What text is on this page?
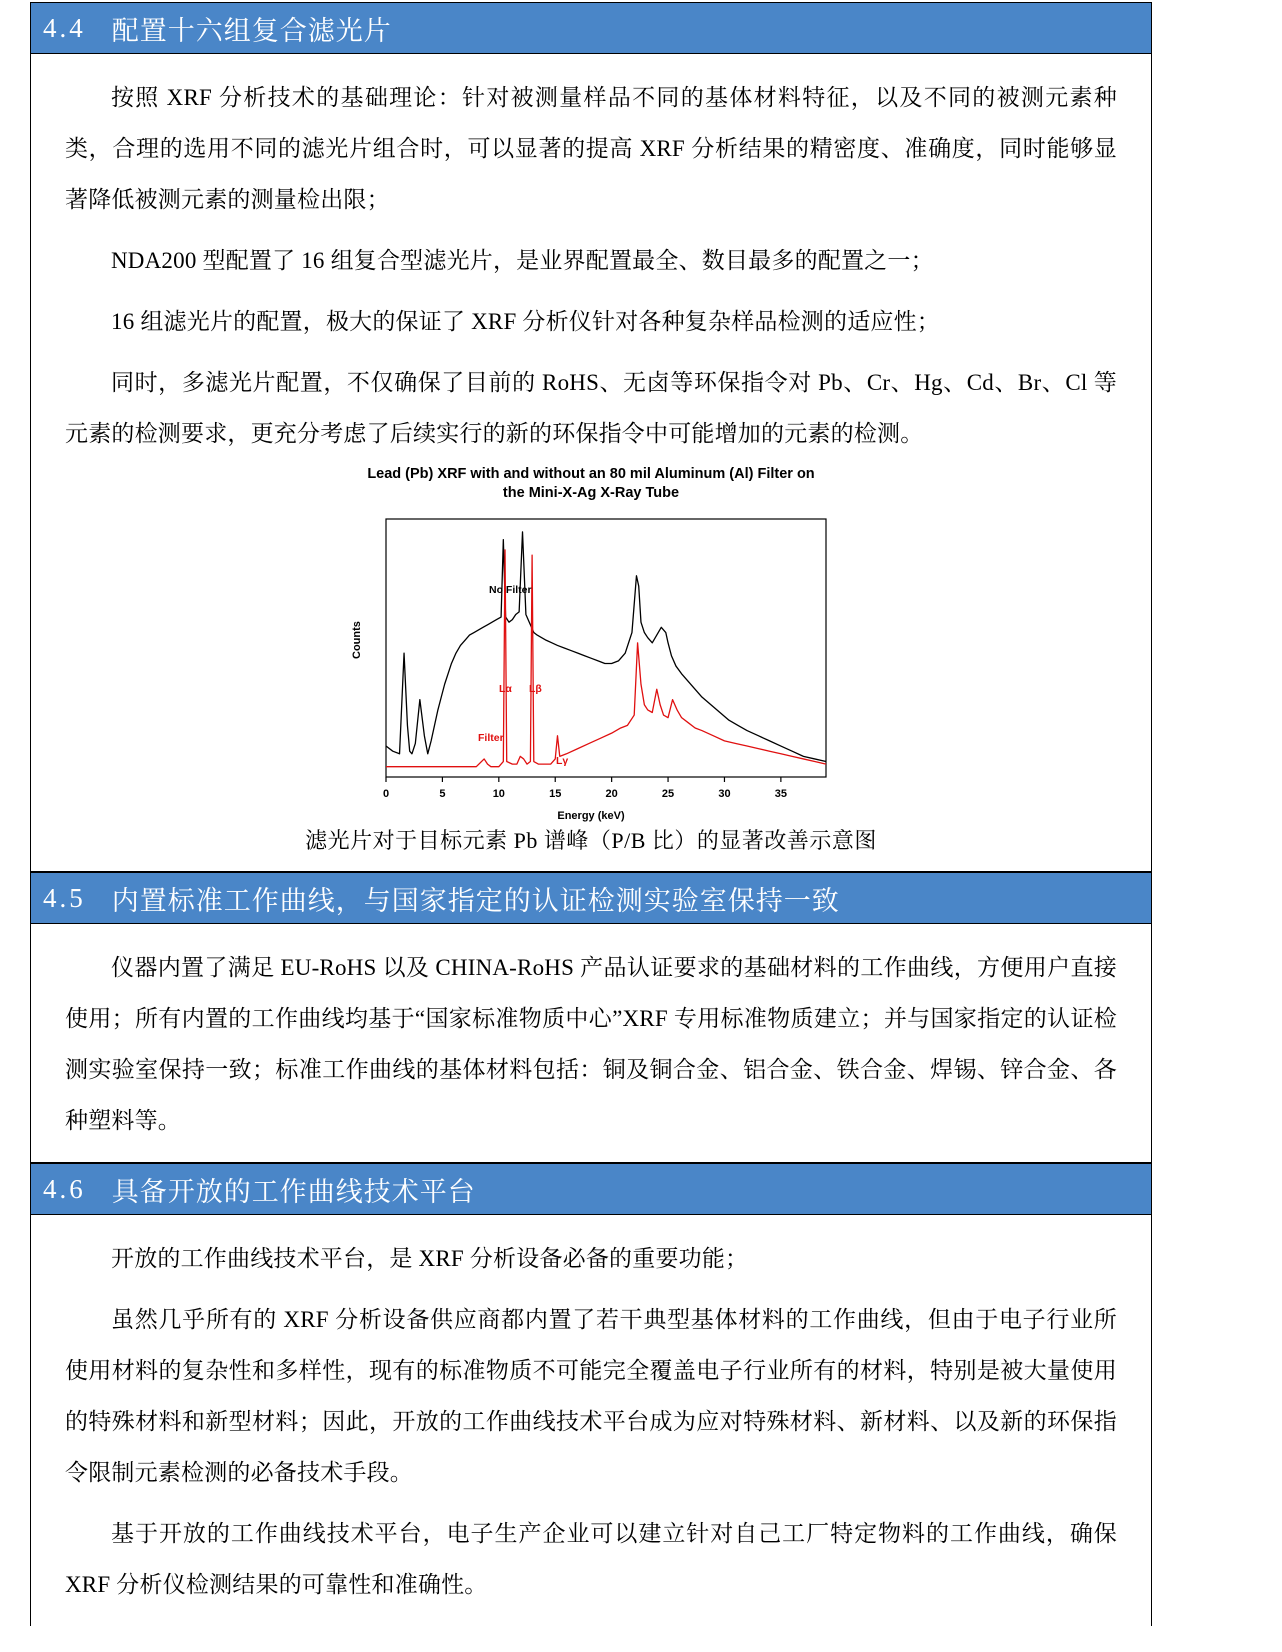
4.4 配置十六组复合滤光片

按照 XRF 分析技术的基础理论：针对被测量样品不同的基体材料特征，以及不同的被测元素种类，合理的选用不同的滤光片组合时，可以显著的提高 XRF 分析结果的精密度、准确度，同时能够显著降低被测元素的测量检出限；

NDA200 型配置了 16 组复合型滤光片，是业界配置最全、数目最多的配置之一；

16 组滤光片的配置，极大的保证了 XRF 分析仪针对各种复杂样品检测的适应性；

同时，多滤光片配置，不仅确保了目前的 RoHS、无卤等环保指令对 Pb、Cr、Hg、Cd、Br、Cl 等元素的检测要求，更充分考虑了后续实行的新的环保指令中可能增加的元素的检测。

Lead (Pb) XRF with and without an 80 mil Aluminum (Al) Filter on
the Mini-X-Ag X-Ray Tube
Counts
0	5	10	15	20	25	30	35
No Filter
Filter
Lα Lβ
Lγ
Energy (keV)
滤光片对于目标元素 Pb 谱峰（P/B 比）的显著改善示意图
4.5 内置标准工作曲线，与国家指定的认证检测实验室保持一致

仪器内置了满足 EU-RoHS 以及 CHINA-RoHS 产品认证要求的基础材料的工作曲线，方便用户直接使用；所有内置的工作曲线均基于“国家标准物质中心”XRF 专用标准物质建立；并与国家指定的认证检测实验室保持一致；标准工作曲线的基体材料包括：铜及铜合金、铝合金、铁合金、焊锡、锌合金、各种塑料等。

4.6 具备开放的工作曲线技术平台

开放的工作曲线技术平台，是 XRF 分析设备必备的重要功能；

虽然几乎所有的 XRF 分析设备供应商都内置了若干典型基体材料的工作曲线，但由于电子行业所使用材料的复杂性和多样性，现有的标准物质不可能完全覆盖电子行业所有的材料，特别是被大量使用的特殊材料和新型材料；因此，开放的工作曲线技术平台成为应对特殊材料、新材料、以及新的环保指令限制元素检测的必备技术手段。

基于开放的工作曲线技术平台，电子生产企业可以建立针对自己工厂特定物料的工作曲线，确保 XRF 分析仪检测结果的可靠性和准确性。
